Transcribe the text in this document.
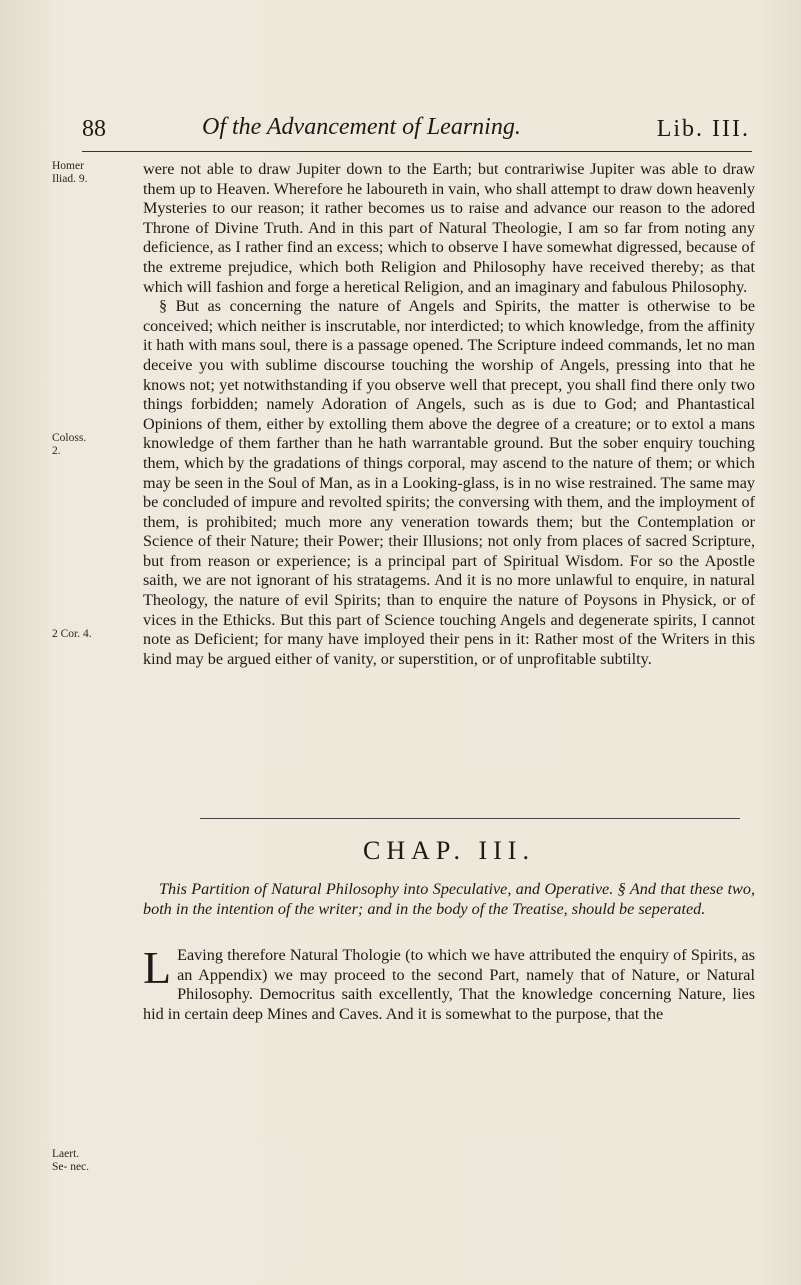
88	Of the Advancement of Learning.	Lib. III.
Homer Iliad. 9.
Coloss. 2.
2 Cor. 4.
Laert. Se- nec.

were not able to draw Jupiter down to the Earth; but contrariwise Jupiter was able to draw them up to Heaven. Wherefore he laboureth in vain, who shall attempt to draw down heavenly Mysteries to our reason; it rather becomes us to raise and advance our reason to the adored Throne of Divine Truth. And in this part of Natural Theologie, I am so far from noting any deficience, as I rather find an excess; which to observe I have somewhat digressed, because of the extreme prejudice, which both Religion and Philosophy have received thereby; as that which will fashion and forge a heretical Religion, and an imaginary and fabulous Philosophy.

§ But as concerning the nature of Angels and Spirits, the matter is otherwise to be conceived; which neither is inscrutable, nor interdicted; to which knowledge, from the affinity it hath with mans soul, there is a passage opened. The Scripture indeed commands, let no man deceive you with sublime discourse touching the worship of Angels, pressing into that he knows not; yet notwithstanding if you observe well that precept, you shall find there only two things forbidden; namely Adoration of Angels, such as is due to God; and Phantastical Opinions of them, either by extolling them above the degree of a creature; or to extol a mans knowledge of them farther than he hath warrantable ground. But the sober enquiry touching them, which by the gradations of things corporal, may ascend to the nature of them; or which may be seen in the Soul of Man, as in a Looking-glass, is in no wise restrained. The same may be concluded of impure and revolted spirits; the conversing with them, and the imployment of them, is prohibited; much more any veneration towards them; but the Contemplation or Science of their Nature; their Power; their Illusions; not only from places of sacred Scripture, but from reason or experience; is a principal part of Spiritual Wisdom. For so the Apostle saith, we are not ignorant of his stratagems. And it is no more unlawful to enquire, in natural Theology, the nature of evil Spirits; than to enquire the nature of Poysons in Physick, or of vices in the Ethicks. But this part of Science touching Angels and degenerate spirits, I cannot note as Deficient; for many have imployed their pens in it: Rather most of the Writers in this kind may be argued either of vanity, or superstition, or of unprofitable subtilty.

CHAP. III.

This Partition of Natural Philosophy into Speculative, and Operative. § And that these two, both in the intention of the writer; and in the body of the Treatise, should be seperated.

L Eaving therefore Natural Thologie (to which we have attributed the enquiry of Spirits, as an Appendix) we may proceed to the second Part, namely that of Nature, or Natural Philosophy. Democritus saith excellently, That the knowledge concerning Nature, lies hid in certain deep Mines and Caves. And it is somewhat to the purpose, that the
